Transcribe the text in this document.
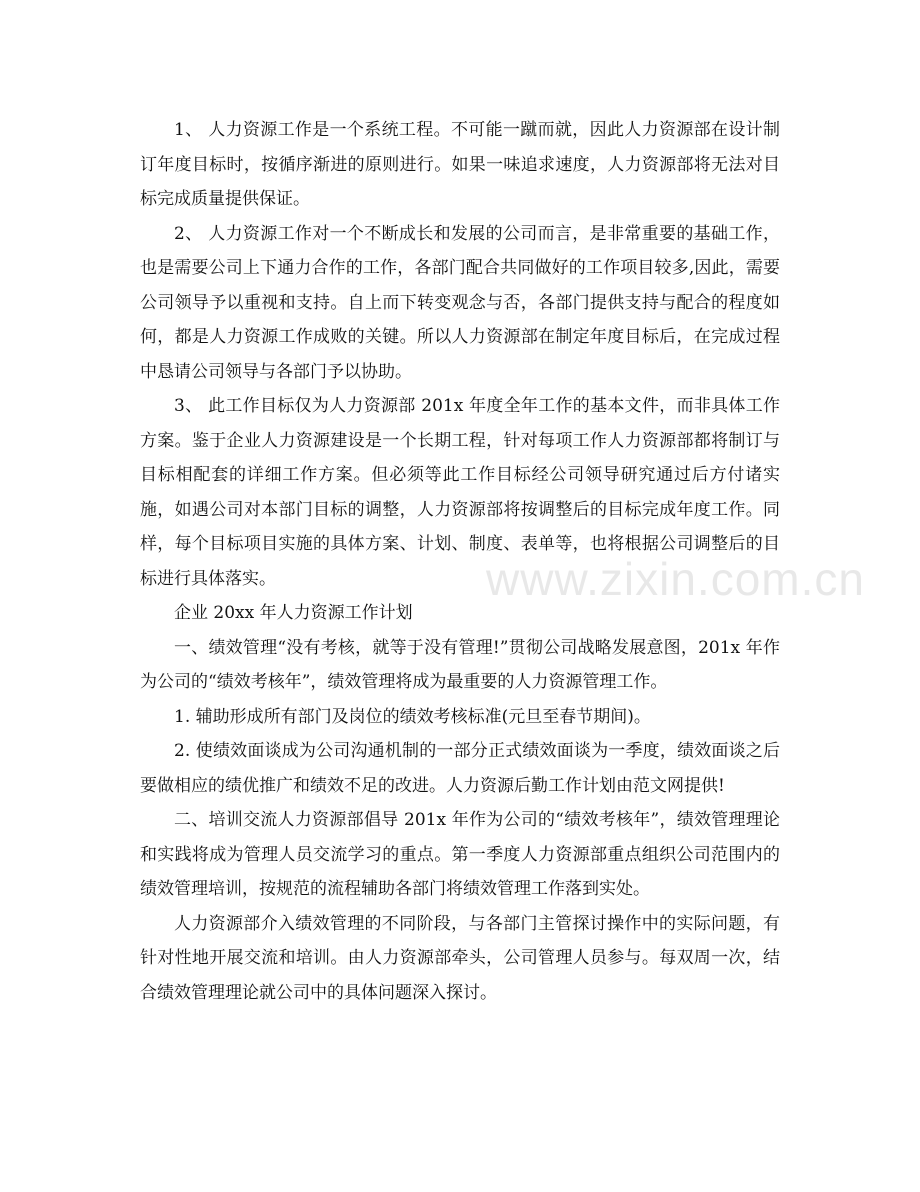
1、 人力资源工作是一个系统工程。不可能一蹴而就，因此人力资源部在设计制订年度目标时，按循序渐进的原则进行。如果一味追求速度，人力资源部将无法对目标完成质量提供保证。

2、 人力资源工作对一个不断成长和发展的公司而言，是非常重要的基础工作，也是需要公司上下通力合作的工作，各部门配合共同做好的工作项目较多,因此，需要公司领导予以重视和支持。自上而下转变观念与否，各部门提供支持与配合的程度如何，都是人力资源工作成败的关键。所以人力资源部在制定年度目标后，在完成过程中恳请公司领导与各部门予以协助。

3、 此工作目标仅为人力资源部 201x 年度全年工作的基本文件，而非具体工作方案。鉴于企业人力资源建设是一个长期工程，针对每项工作人力资源部都将制订与目标相配套的详细工作方案。但必须等此工作目标经公司领导研究通过后方付诸实施，如遇公司对本部门目标的调整，人力资源部将按调整后的目标完成年度工作。同样，每个目标项目实施的具体方案、计划、制度、表单等，也将根据公司调整后的目标进行具体落实。

企业 20xx 年人力资源工作计划

一、绩效管理“没有考核，就等于没有管理!”贯彻公司战略发展意图，201x 年作为公司的“绩效考核年”，绩效管理将成为最重要的人力资源管理工作。

1. 辅助形成所有部门及岗位的绩效考核标准(元旦至春节期间)。

2. 使绩效面谈成为公司沟通机制的一部分正式绩效面谈为一季度，绩效面谈之后要做相应的绩优推广和绩效不足的改进。人力资源后勤工作计划由范文网提供!

二、培训交流人力资源部倡导 201x 年作为公司的“绩效考核年”，绩效管理理论和实践将成为管理人员交流学习的重点。第一季度人力资源部重点组织公司范围内的绩效管理培训，按规范的流程辅助各部门将绩效管理工作落到实处。

人力资源部介入绩效管理的不同阶段，与各部门主管探讨操作中的实际问题，有针对性地开展交流和培训。由人力资源部牵头，公司管理人员参与。每双周一次，结合绩效管理理论就公司中的具体问题深入探讨。

www.zixin.com.cn
